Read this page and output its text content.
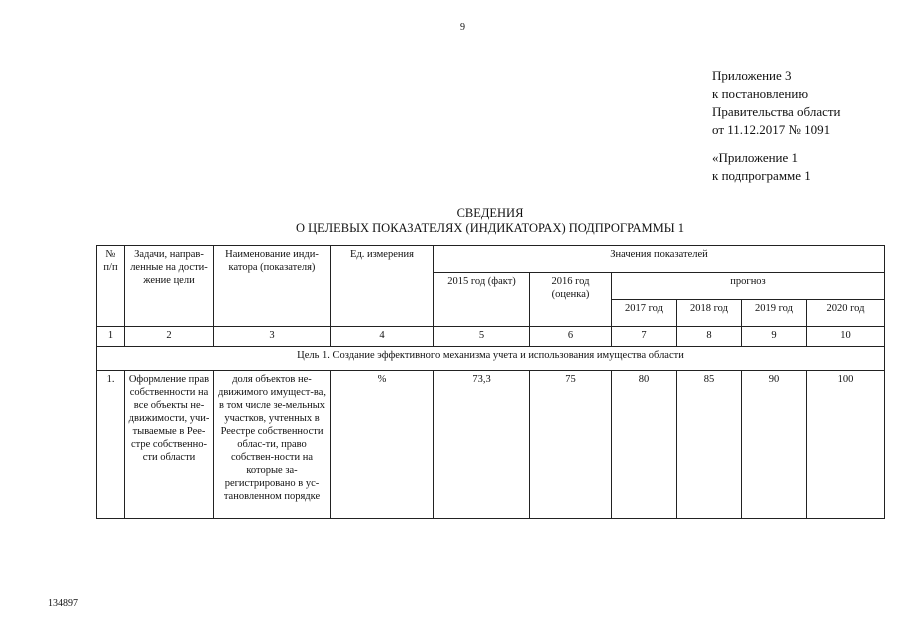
9
Приложение 3
к постановлению
Правительства области
от 11.12.2017 № 1091
«Приложение 1
к подпрограмме 1
СВЕДЕНИЯ
О ЦЕЛЕВЫХ ПОКАЗАТЕЛЯХ (ИНДИКАТОРАХ) ПОДПРОГРАММЫ 1
№ п/п	Задачи, направ-ленные на дости-жение цели	Наименование инди-катора (показателя)	Ед. измерения	Значения показателей					
				2015 год (факт)	2016 год (оценка)	прогноз			
						2017 год	2018 год	2019 год	2020 год
1	2	3	4	5	6	7	8	9	10
Цель 1. Создание эффективного механизма учета и использования имущества области									
1.	Оформление прав собственности на все объекты не-движимости, учи-тываемые в Рее-стре собственно-сти области	доля объектов не-движимого имущест-ва, в том числе зе-мельных участков, учтенных в Реестре собственности облас-ти, право собствен-ности на которые за-регистрировано в ус-тановленном порядке	%	73,3	75	80	85	90	100
134897
